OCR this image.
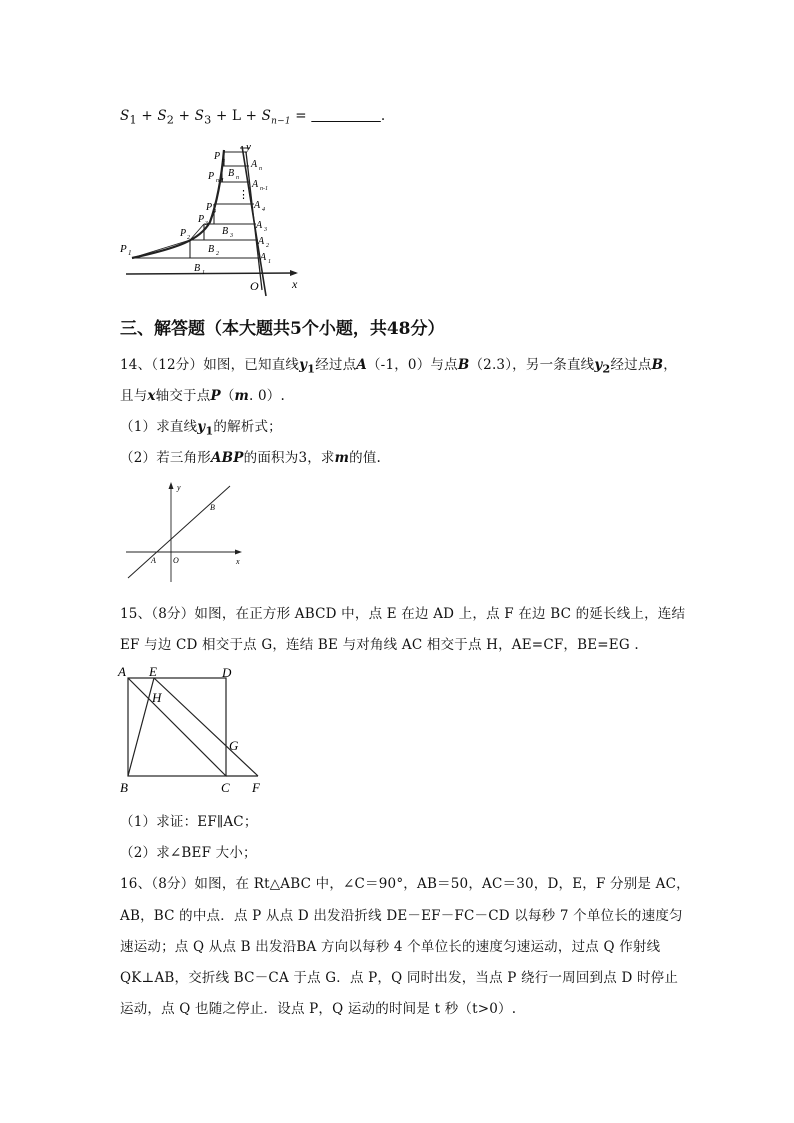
$S_1 + S_2 + S_3 + L + S_{n-1}$ = __________.
⋮
P n
P n-1
P 4
P 3
P 2
P 1
A n
A n-1
A 4
A 3
A 2
A 1
B n
B 3
B 2
B 1
y
x
O
三、解答题（本大题共5个小题，共48分）
14、（12分）如图，已知直线$y_1$经过点A（-1，0）与点B（2.3），另一条直线$y_2$经过点B，
且与x轴交于点P（m. 0）.
（1）求直线$y_1$的解析式；
（2）若三角形ABP的面积为3，求m的值.
y
x
A O
B
15、（8分）如图，在正方形 ABCD 中，点 E 在边 AD 上，点 F 在边 BC 的延长线上，连结
EF 与边 CD 相交于点 G，连结 BE 与对角线 AC 相交于点 H，AE=CF，BE=EG .
A E	D
H
G
B	C F
（1）求证：EF∥AC；
（2）求∠BEF 大小；
16、（8分）如图，在 Rt△ABC 中，∠C＝90°，AB＝50，AC＝30，D，E，F 分别是 AC，
AB，BC 的中点．点 P 从点 D 出发沿折线 DE－EF－FC－CD 以每秒 7 个单位长的速度匀
速运动；点 Q 从点 B 出发沿BA 方向以每秒 4 个单位长的速度匀速运动，过点 Q 作射线
QK⊥AB，交折线 BC－CA 于点 G．点 P，Q 同时出发，当点 P 绕行一周回到点 D 时停止
运动，点 Q 也随之停止．设点 P，Q 运动的时间是 t 秒（t>0）.
